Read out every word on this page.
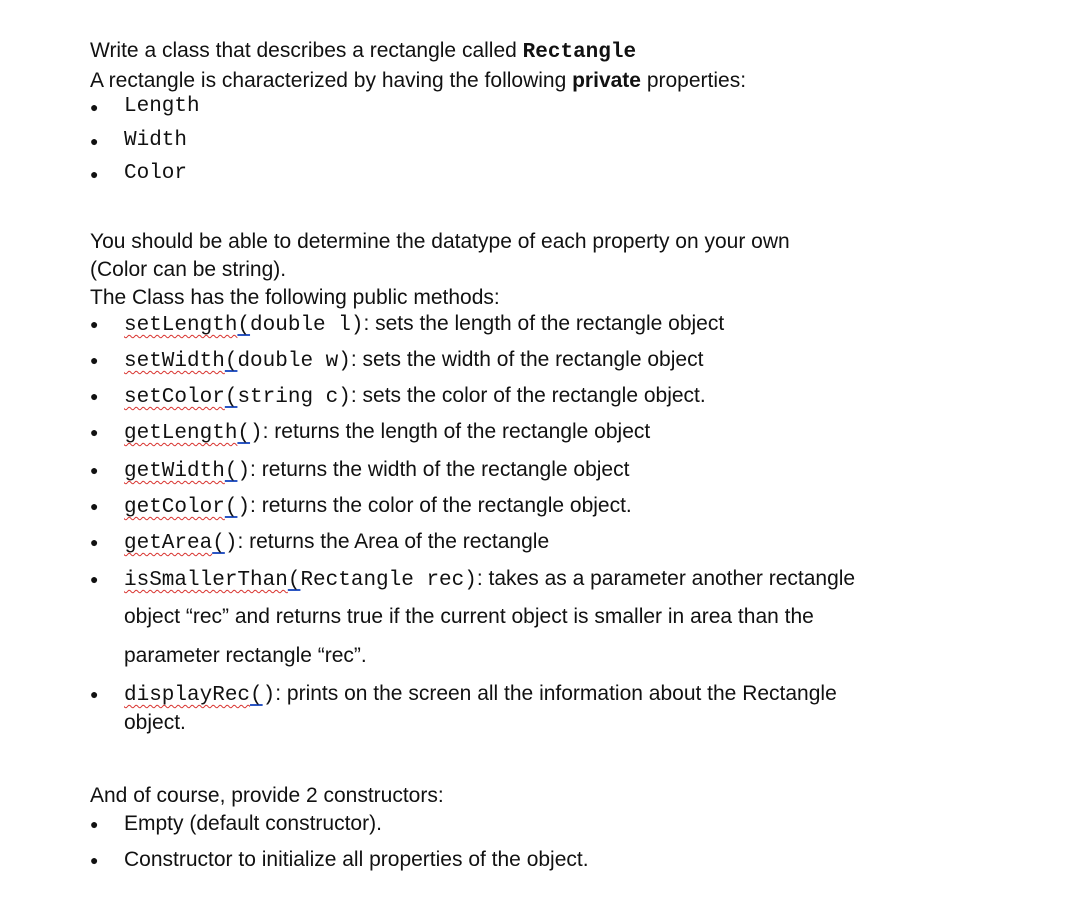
Write a class that describes a rectangle called Rectangle
A rectangle is characterized by having the following private properties:
● Length
● Width
● Color
You should be able to determine the datatype of each property on your own
(Color can be string).
The Class has the following public methods:
● setLength(double l): sets the length of the rectangle object
● setWidth(double w): sets the width of the rectangle object
● setColor(string c): sets the color of the rectangle object.
● getLength(): returns the length of the rectangle object
● getWidth(): returns the width of the rectangle object
● getColor(): returns the color of the rectangle object.
● getArea(): returns the Area of the rectangle
● isSmallerThan(Rectangle rec): takes as a parameter another rectangle
object “rec” and returns true if the current object is smaller in area than the
parameter rectangle “rec”.
● displayRec(): prints on the screen all the information about the Rectangle
object.
And of course, provide 2 constructors:
● Empty (default constructor).
● Constructor to initialize all properties of the object.
